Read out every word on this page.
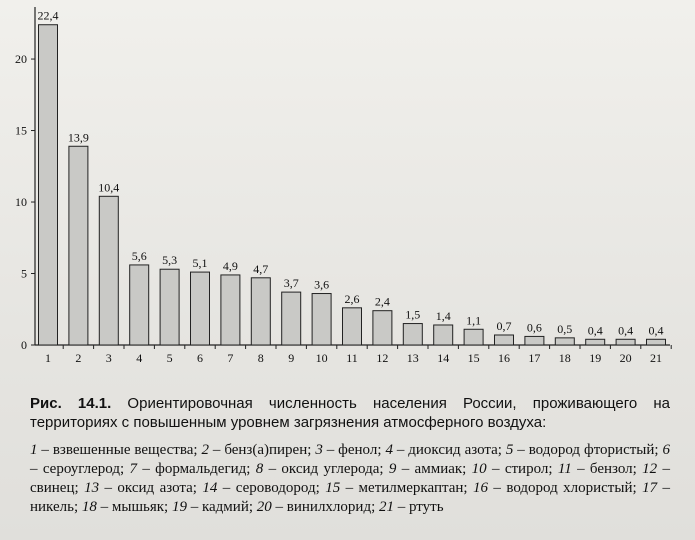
0
5
10
15
20
22,4
1
13,9
2
10,4
3
5,6
4
5,3
5
5,1
6
4,9
7
4,7
8
3,7
9
3,6
10
2,6
11
2,4
12
1,5
13
1,4
14
1,1
15
0,7
16
0,6
17
0,5
18
0,4
19
0,4
20
0,4
21
Рис. 14.1. Ориентировочная численность населения России, проживающего на территориях с повышенным уровнем загрязнения атмосферного воздуха:
1 – взвешенные вещества; 2 – бенз(а)пирен; 3 – фенол; 4 – диоксид азота; 5 – водород фтористый; 6 – сероуглерод; 7 – формальдегид; 8 – оксид углерода; 9 – аммиак; 10 – стирол; 11 – бензол; 12 – свинец; 13 – оксид азота; 14 – сероводород; 15 – метилмеркаптан; 16 – водород хлористый; 17 – никель; 18 – мышьяк; 19 – кадмий; 20 – винилхлорид; 21 – ртуть
